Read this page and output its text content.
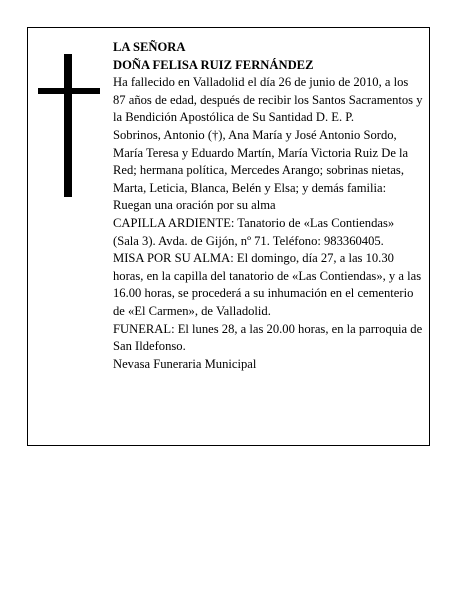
LA SEÑORA

DOÑA FELISA RUIZ FERNÁNDEZ

Ha fallecido en Valladolid el día 26 de junio de 2010, a los 87 años de edad, después de recibir los Santos Sacramentos y la Bendición Apostólica de Su Santidad D. E. P.

Sobrinos, Antonio (†), Ana María y José Antonio Sordo, María Teresa y Eduardo Martín, María Victoria Ruiz De la Red; hermana política, Mercedes Arango; sobrinas nietas, Marta, Leticia, Blanca, Belén y Elsa; y demás familia:

Ruegan una oración por su alma

CAPILLA ARDIENTE: Tanatorio de «Las Contiendas» (Sala 3). Avda. de Gijón, nº 71. Teléfono: 983360405.

MISA POR SU ALMA: El domingo, día 27, a las 10.30 horas, en la capilla del tanatorio de «Las Contiendas», y a las 16.00 horas, se procederá a su inhumación en el cementerio de «El Carmen», de Valladolid.

FUNERAL: El lunes 28, a las 20.00 horas, en la parroquia de San Ildefonso.

Nevasa Funeraria Municipal
